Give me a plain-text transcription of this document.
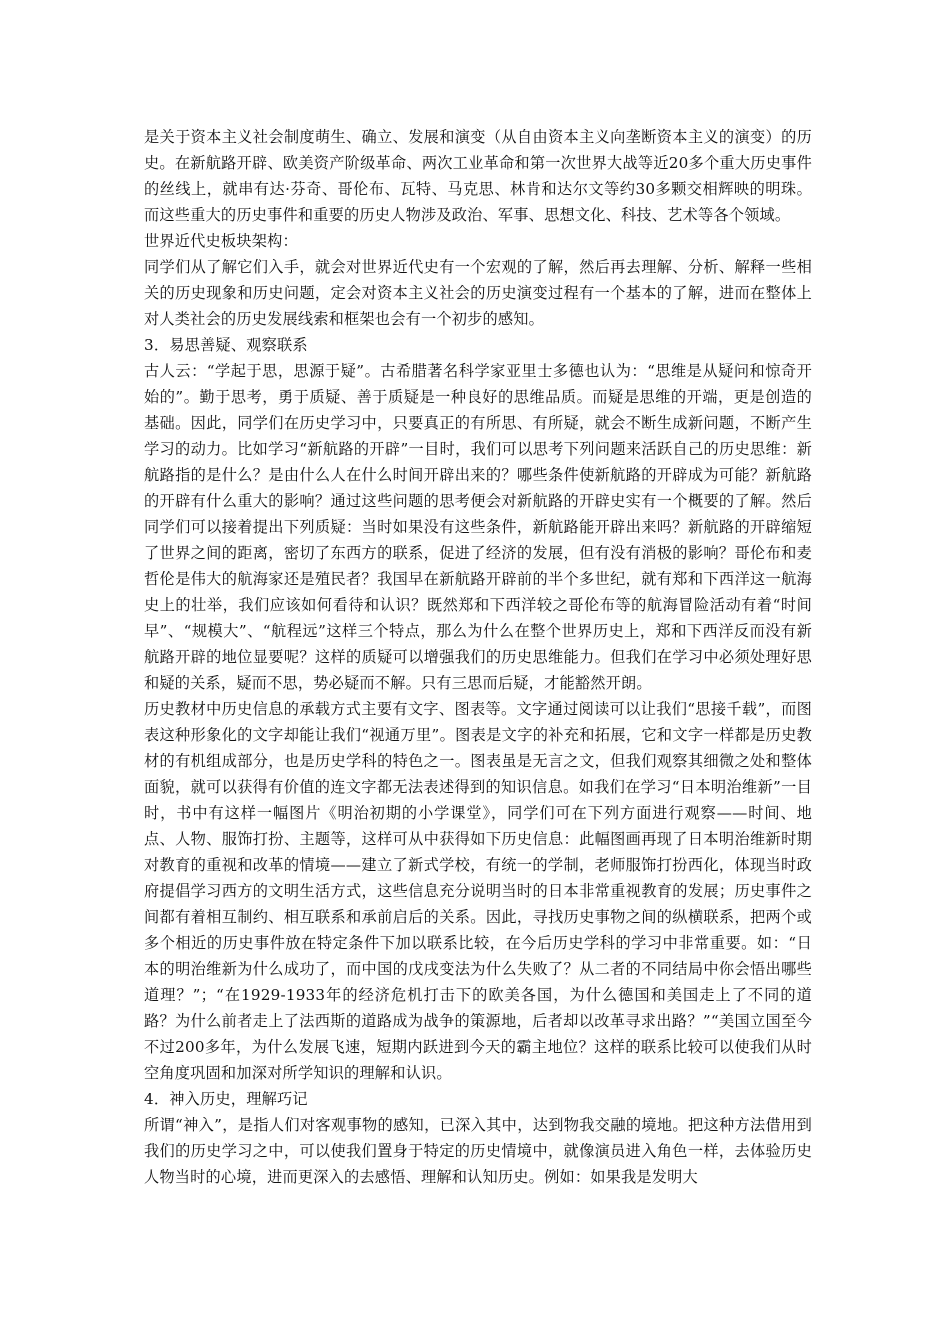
是关于资本主义社会制度萌生、确立、发展和演变（从自由资本主义向垄断资本主义的演变）的历史。在新航路开辟、欧美资产阶级革命、两次工业革命和第一次世界大战等近20多个重大历史事件的丝线上，就串有达·芬奇、哥伦布、瓦特、马克思、林肯和达尔文等约30多颗交相辉映的明珠。而这些重大的历史事件和重要的历史人物涉及政治、军事、思想文化、科技、艺术等各个领域。

世界近代史板块架构：

同学们从了解它们入手，就会对世界近代史有一个宏观的了解，然后再去理解、分析、解释一些相关的历史现象和历史问题，定会对资本主义社会的历史演变过程有一个基本的了解，进而在整体上对人类社会的历史发展线索和框架也会有一个初步的感知。

3．易思善疑、观察联系

古人云：“学起于思，思源于疑”。古希腊著名科学家亚里士多德也认为：“思维是从疑问和惊奇开始的”。勤于思考，勇于质疑、善于质疑是一种良好的思维品质。而疑是思维的开端，更是创造的基础。因此，同学们在历史学习中，只要真正的有所思、有所疑，就会不断生成新问题，不断产生学习的动力。比如学习“新航路的开辟”一目时，我们可以思考下列问题来活跃自己的历史思维：新航路指的是什么？是由什么人在什么时间开辟出来的？哪些条件使新航路的开辟成为可能？新航路的开辟有什么重大的影响？通过这些问题的思考便会对新航路的开辟史实有一个概要的了解。然后同学们可以接着提出下列质疑：当时如果没有这些条件，新航路能开辟出来吗？新航路的开辟缩短了世界之间的距离，密切了东西方的联系，促进了经济的发展，但有没有消极的影响？哥伦布和麦哲伦是伟大的航海家还是殖民者？我国早在新航路开辟前的半个多世纪，就有郑和下西洋这一航海史上的壮举，我们应该如何看待和认识？既然郑和下西洋较之哥伦布等的航海冒险活动有着“时间早”、“规模大”、“航程远”这样三个特点，那么为什么在整个世界历史上，郑和下西洋反而没有新航路开辟的地位显要呢？这样的质疑可以增强我们的历史思维能力。但我们在学习中必须处理好思和疑的关系，疑而不思，势必疑而不解。只有三思而后疑，才能豁然开朗。

历史教材中历史信息的承载方式主要有文字、图表等。文字通过阅读可以让我们“思接千载”，而图表这种形象化的文字却能让我们“视通万里”。图表是文字的补充和拓展，它和文字一样都是历史教材的有机组成部分，也是历史学科的特色之一。图表虽是无言之文，但我们观察其细微之处和整体面貌，就可以获得有价值的连文字都无法表述得到的知识信息。如我们在学习“日本明治维新”一目时，书中有这样一幅图片《明治初期的小学课堂》，同学们可在下列方面进行观察——时间、地点、人物、服饰打扮、主题等，这样可从中获得如下历史信息：此幅图画再现了日本明治维新时期对教育的重视和改革的情境——建立了新式学校，有统一的学制，老师服饰打扮西化，体现当时政府提倡学习西方的文明生活方式，这些信息充分说明当时的日本非常重视教育的发展；历史事件之间都有着相互制约、相互联系和承前启后的关系。因此，寻找历史事物之间的纵横联系，把两个或多个相近的历史事件放在特定条件下加以联系比较，在今后历史学科的学习中非常重要。如：“日本的明治维新为什么成功了，而中国的戊戌变法为什么失败了？从二者的不同结局中你会悟出哪些道理？”；“在1929-1933年的经济危机打击下的欧美各国，为什么德国和美国走上了不同的道路？为什么前者走上了法西斯的道路成为战争的策源地，后者却以改革寻求出路？”“美国立国至今不过200多年，为什么发展飞速，短期内跃进到今天的霸主地位？这样的联系比较可以使我们从时空角度巩固和加深对所学知识的理解和认识。

4．神入历史，理解巧记

所谓“神入”，是指人们对客观事物的感知，已深入其中，达到物我交融的境地。把这种方法借用到我们的历史学习之中，可以使我们置身于特定的历史情境中，就像演员进入角色一样，去体验历史人物当时的心境，进而更深入的去感悟、理解和认知历史。例如：如果我是发明大
